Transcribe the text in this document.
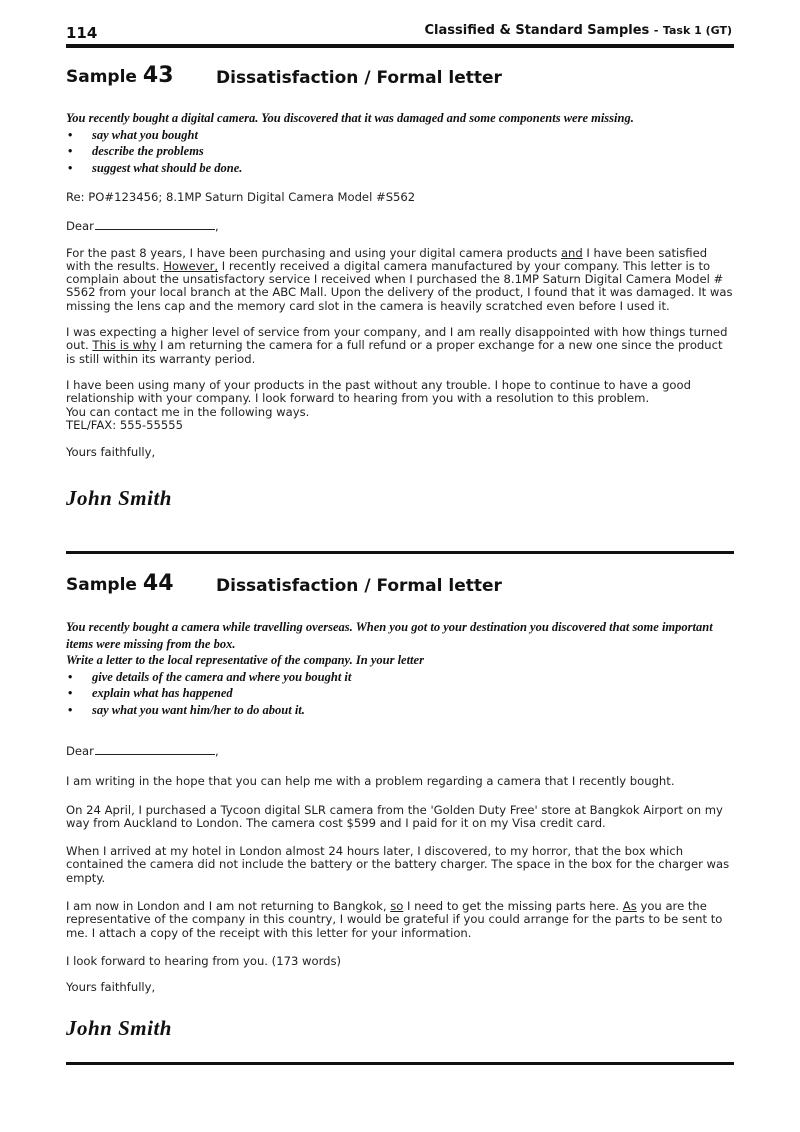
114	Classified & Standard Samples - Task 1 (GT)
Sample 43 Dissatisfaction / Formal letter

You recently bought a digital camera. You discovered that it was damaged and some components were missing.

• say what you bought
• describe the problems
• suggest what should be done.

Re: PO#123456; 8.1MP Saturn Digital Camera Model #S562

Dear	,

For the past 8 years, I have been purchasing and using your digital camera products and I have been satisfied with the results. However, I recently received a digital camera manufactured by your company. This letter is to complain about the unsatisfactory service I received when I purchased the 8.1MP Saturn Digital Camera Model # S562 from your local branch at the ABC Mall. Upon the delivery of the product, I found that it was damaged. It was missing the lens cap and the memory card slot in the camera is heavily scratched even before I used it.

I was expecting a higher level of service from your company, and I am really disappointed with how things turned out. This is why I am returning the camera for a full refund or a proper exchange for a new one since the product is still within its warranty period.

I have been using many of your products in the past without any trouble. I hope to continue to have a good relationship with your company. I look forward to hearing from you with a resolution to this problem.

You can contact me in the following ways.

TEL/FAX: 555-55555

Yours faithfully,

John Smith
Sample 44 Dissatisfaction / Formal letter

You recently bought a camera while travelling overseas. When you got to your destination you discovered that some important items were missing from the box.

Write a letter to the local representative of the company. In your letter

• give details of the camera and where you bought it
• explain what has happened
• say what you want him/her to do about it.

Dear	,

I am writing in the hope that you can help me with a problem regarding a camera that I recently bought.

On 24 April, I purchased a Tycoon digital SLR camera from the 'Golden Duty Free' store at Bangkok Airport on my way from Auckland to London. The camera cost $599 and I paid for it on my Visa credit card.

When I arrived at my hotel in London almost 24 hours later, I discovered, to my horror, that the box which contained the camera did not include the battery or the battery charger. The space in the box for the charger was empty.

I am now in London and I am not returning to Bangkok, so I need to get the missing parts here. As you are the representative of the company in this country, I would be grateful if you could arrange for the parts to be sent to me. I attach a copy of the receipt with this letter for your information.

I look forward to hearing from you. (173 words)

Yours faithfully,

John Smith
